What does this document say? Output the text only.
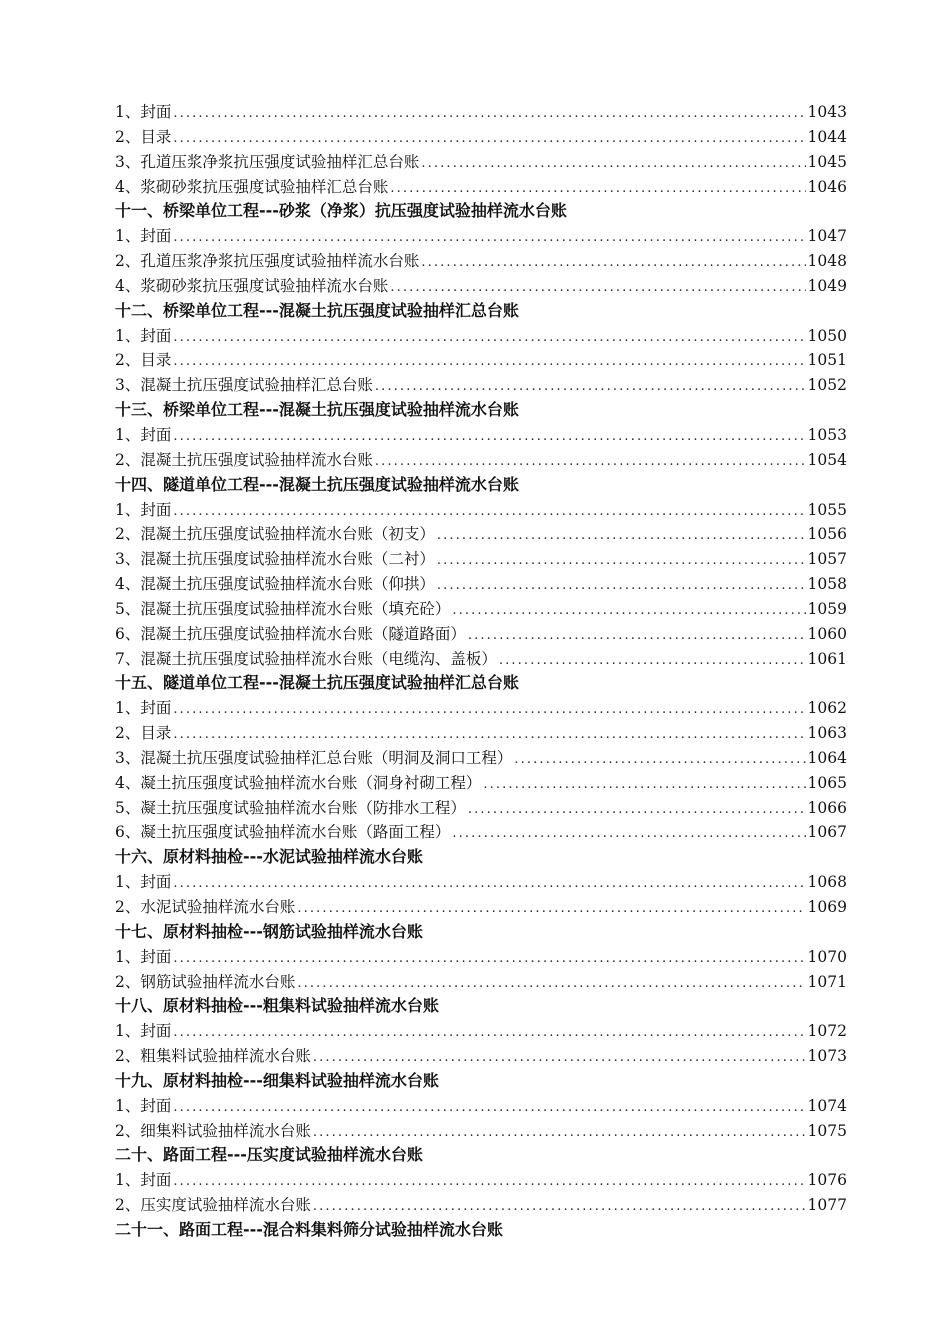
1、封面 . . .	1043
2、目录 . . .	1044
3、孔道压浆净浆抗压强度试验抽样汇总台账 . . .	1045
4、浆砌砂浆抗压强度试验抽样汇总台账 . . .	1046
十一、桥梁单位工程---砂浆（净浆）抗压强度试验抽样流水台账
1、封面 . . .	1047
2、孔道压浆净浆抗压强度试验抽样流水台账 . . .	1048
4、浆砌砂浆抗压强度试验抽样流水台账 . . .	1049
十二、桥梁单位工程---混凝土抗压强度试验抽样汇总台账
1、封面 . . .	1050
2、目录 . . .	1051
3、混凝土抗压强度试验抽样汇总台账 . . .	1052
十三、桥梁单位工程---混凝土抗压强度试验抽样流水台账
1、封面 . . .	1053
2、混凝土抗压强度试验抽样流水台账 . . .	1054
十四、隧道单位工程---混凝土抗压强度试验抽样流水台账
1、封面 . . .	1055
2、混凝土抗压强度试验抽样流水台账（初支） . . .	1056
3、混凝土抗压强度试验抽样流水台账（二衬） . . .	1057
4、混凝土抗压强度试验抽样流水台账（仰拱） . . .	1058
5、混凝土抗压强度试验抽样流水台账（填充砼） . . .	1059
6、混凝土抗压强度试验抽样流水台账（隧道路面） . . .	1060
7、混凝土抗压强度试验抽样流水台账（电缆沟、盖板） . . .	1061
十五、隧道单位工程---混凝土抗压强度试验抽样汇总台账
1、封面 . . .	1062
2、目录 . . .	1063
3、混凝土抗压强度试验抽样汇总台账（明洞及洞口工程） . . .	1064
4、凝土抗压强度试验抽样流水台账（洞身衬砌工程） . . .	1065
5、凝土抗压强度试验抽样流水台账（防排水工程） . . .	1066
6、凝土抗压强度试验抽样流水台账（路面工程） . . .	1067
十六、原材料抽检---水泥试验抽样流水台账
1、封面 . . .	1068
2、水泥试验抽样流水台账 . . .	1069
十七、原材料抽检---钢筋试验抽样流水台账
1、封面 . . .	1070
2、钢筋试验抽样流水台账 . . .	1071
十八、原材料抽检---粗集料试验抽样流水台账
1、封面 . . .	1072
2、粗集料试验抽样流水台账 . . .	1073
十九、原材料抽检---细集料试验抽样流水台账
1、封面 . . .	1074
2、细集料试验抽样流水台账 . . .	1075
二十、路面工程---压实度试验抽样流水台账
1、封面 . . .	1076
2、压实度试验抽样流水台账 . . .	1077
二十一、路面工程---混合料集料筛分试验抽样流水台账
